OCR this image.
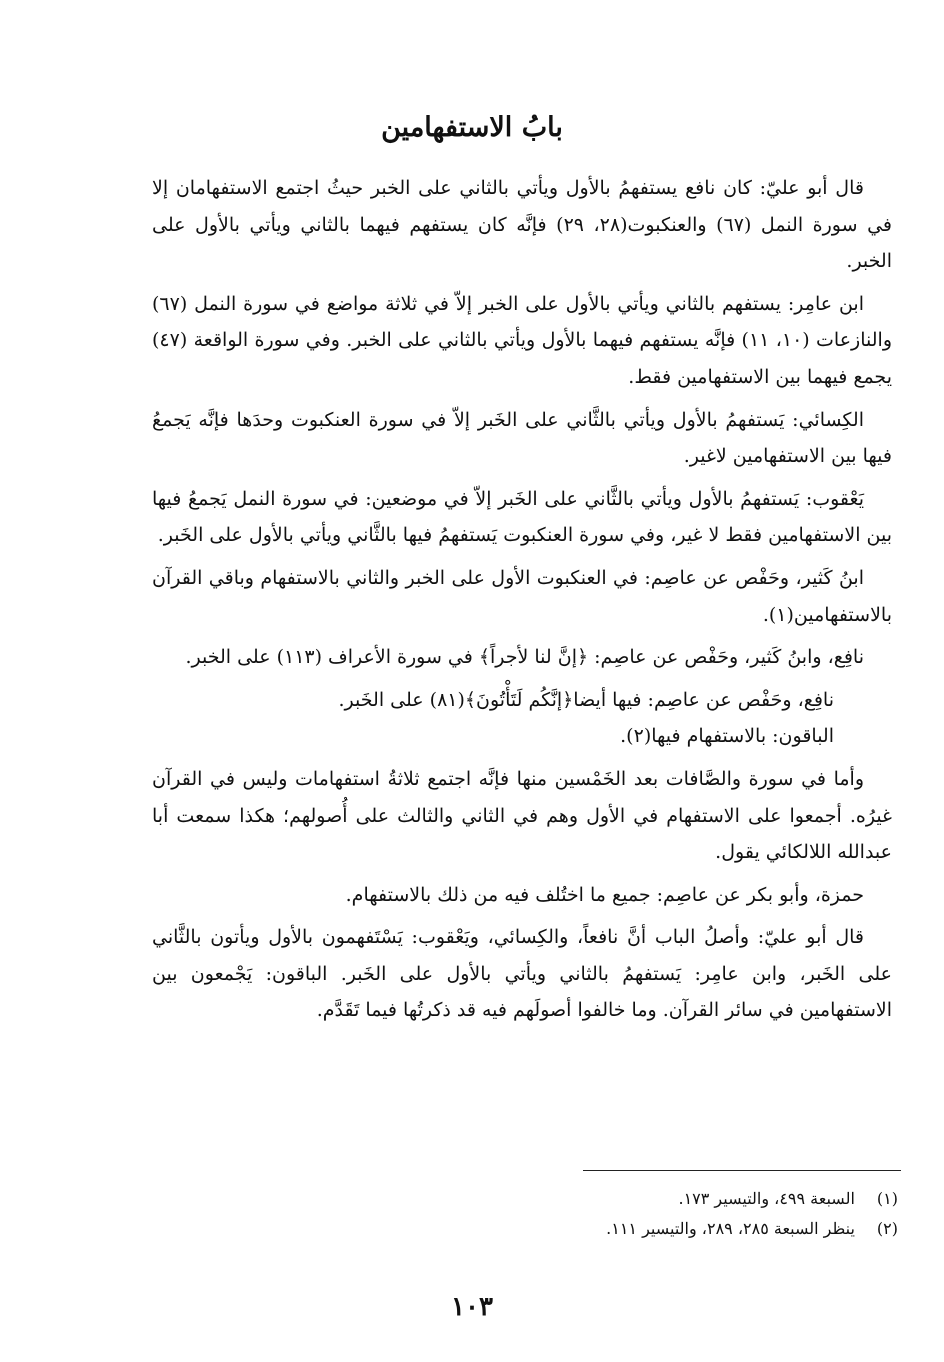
بابُ الاستفهامين

قال أبو عليّ: كان نافع يستفهمُ بالأول ويأتي بالثاني على الخبر حيثُ اجتمع الاستفهامان إلا في سورة النمل (٦٧) والعنكبوت(٢٨، ٢٩) فإنَّه كان يستفهم فيهما بالثاني ويأتي بالأول على الخبر.

ابن عامِر: يستفهم بالثاني ويأتي بالأول على الخبر إلاّ في ثلاثة مواضع في سورة النمل (٦٧) والنازعات (١٠، ١١) فإنَّه يستفهم فيهما بالأول ويأتي بالثاني على الخبر. وفي سورة الواقعة (٤٧) يجمع فيهما بين الاستفهامين فقط.

الكِسائي: يَستفهمُ بالأول ويأتي بالثَّاني على الخَبر إلاّ في سورة العنكبوت وحدَها فإنَّه يَجمعُ فيها بين الاستفهامين لاغير.

يَعْقوب: يَستفهمُ بالأول ويأتي بالثَّاني على الخَبر إلاّ في موضعين: في سورة النمل يَجمعُ فيها بين الاستفهامين فقط لا غير، وفي سورة العنكبوت يَستفهمُ فيها بالثَّاني ويأتي بالأول على الخَبر.

ابنُ كَثير، وحَفْص عن عاصِم: في العنكبوت الأول على الخبر والثاني بالاستفهام وباقي القرآن بالاستفهامين(١).

نافِع، وابنُ كَثير، وحَفْص عن عاصِم: ﴿إنَّ لنا لأجراً﴾ في سورة الأعراف (١١٣) على الخبر.

نافِع، وحَفْص عن عاصِم: فيها أيضا﴿إنَّكُم لَتَأْتُونَ﴾(٨١) على الخَبر.

الباقون: بالاستفهام فيها(٢).

وأما في سورة والصَّافات بعد الخَمْسين منها فإنَّه اجتمع ثلاثةُ استفهامات وليس في القرآن غيرُه. أجمعوا على الاستفهام في الأول وهم في الثاني والثالث على أُصولهم؛ هكذا سمعت أبا عبدالله اللالكائي يقول.

حمزة، وأبو بكر عن عاصِم: جميع ما اختُلف فيه من ذلك بالاستفهام.

قال أبو عليّ: وأصلُ الباب أنَّ نافعاً، والكِسائي، ويَعْقوب: يَسْتَفهمون بالأول ويأتون بالثَّاني على الخَبر، وابن عامِر: يَستفهمُ بالثاني ويأتي بالأول على الخَبر. الباقون: يَجْمعون بين الاستفهامين في سائر القرآن. وما خالفوا أصولَهم فيه قد ذكرتُها فيما تَقَدَّم.

(١) السبعة ٤٩٩، والتيسير ١٧٣.
(٢) ينظر السبعة ٢٨٥، ٢٨٩، والتيسير ١١١.
١٠٣
